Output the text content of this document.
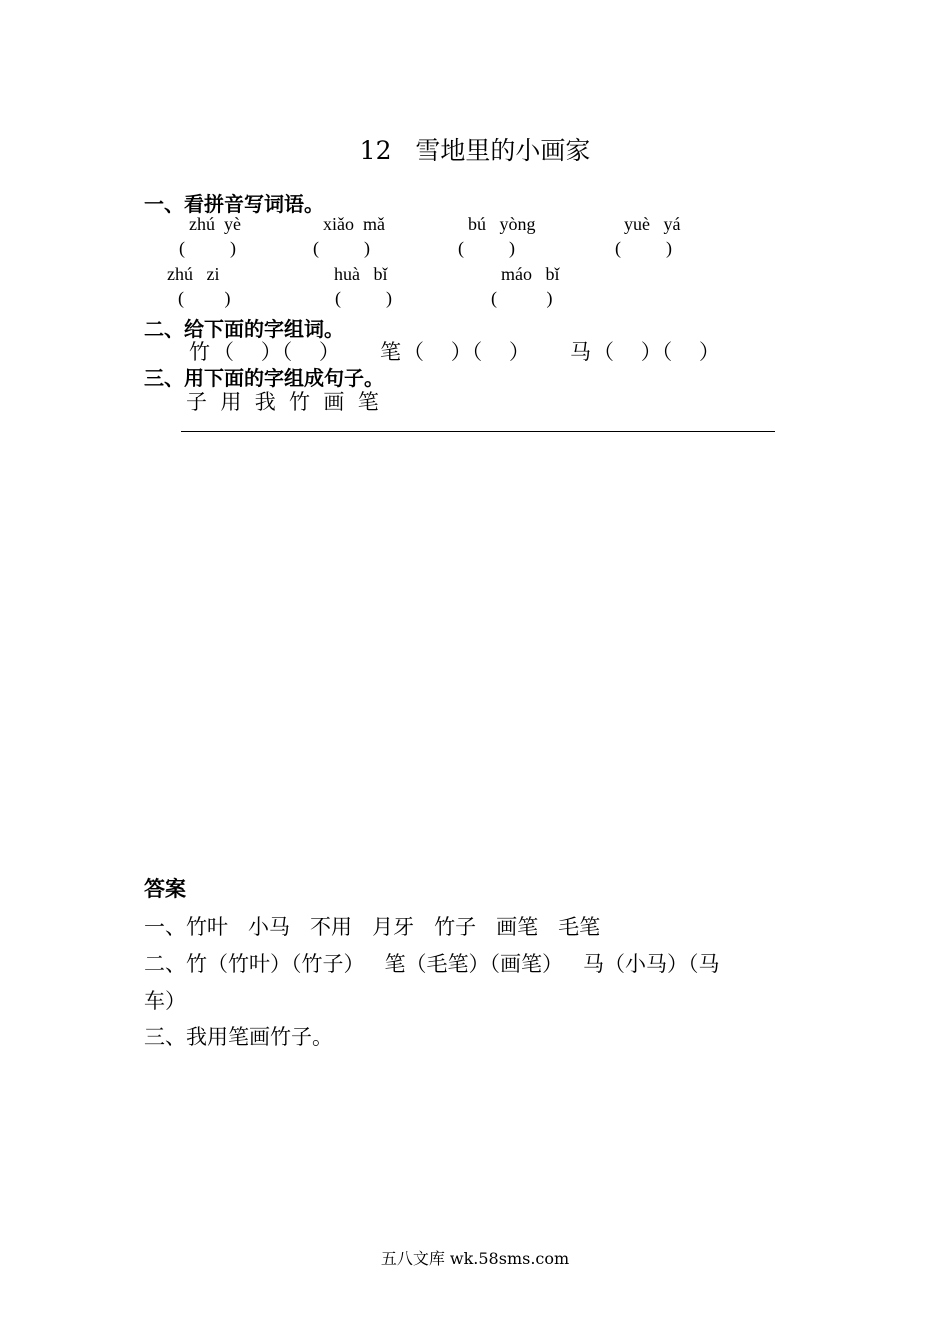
12   雪地里的小画家
一、看拼音写词语。
zhú  yè	xiǎo  mǎ	bú   yòng	yuè   yá
(          )	(          )	(          )	(          )
zhú   zi	huà   bǐ	máo   bǐ
(         )	(          )	(           )
二、给下面的字组词。
竹 （    ）（    ） 笔 （    ）（    ） 马 （    ）（    ）
三、用下面的字组成句子。
子  用  我  竹  画  笔
答案
一、竹叶   小马   不用   月牙   竹子   画笔   毛笔
二、竹（竹叶）（竹子）   笔（毛笔）（画笔）   马（小马）（马
车）
三、我用笔画竹子。
五八文库 wk.58sms.com
